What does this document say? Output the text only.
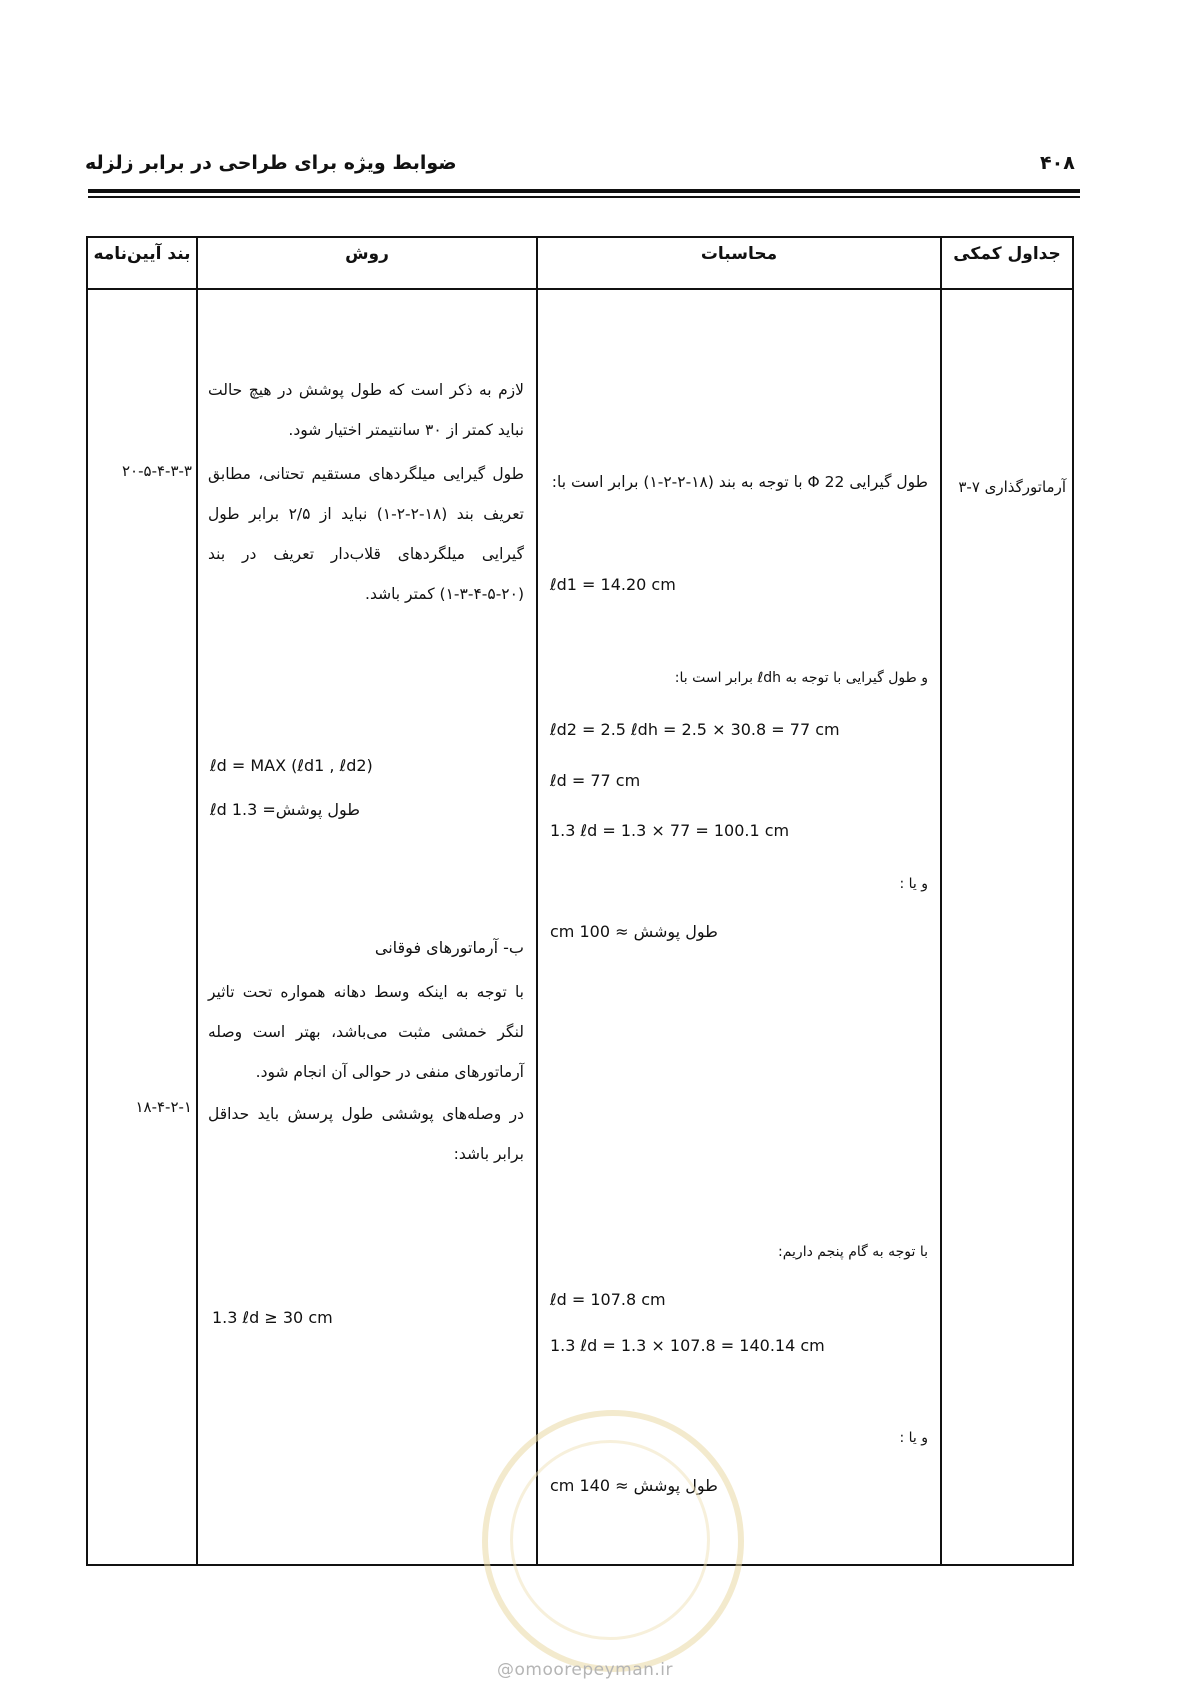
ضوابط ویژه برای طراحی در برابر زلزله	۴۰۸
جداول کمکی
محاسبات
روش
بند آیین‌نامه
آرماتورگذاری ۷-۳
۲۰-۵-۴-۳-۳
۱۸-۴-۲-۱
لازم به ذکر است که طول پوشش در هیچ حالت نباید کمتر از ۳۰ سانتیمتر اختیار شود.
طول گیرایی میلگردهای مستقیم تحتانی، مطابق تعریف بند (۱۸-۲-۲-۱) نباید از ۲/۵ برابر طول گیرایی میلگردهای قلاب‌دار تعریف در بند (۲۰-۵-۴-۳-۱) کمتر باشد.
ℓd = MAX (ℓd1 , ℓd2)
طول پوشش= 1.3 ℓd
ب- آرماتورهای فوقانی
با توجه به اینکه وسط دهانه همواره تحت تاثیر لنگر خمشی مثبت می‌باشد، بهتر است وصله آرماتورهای منفی در حوالی آن انجام شود.
در وصله‌های پوششی طول پرسش باید حداقل برابر باشد:
1.3 ℓd ≥ 30 cm
طول گیرایی Φ 22 با توجه به بند (۱۸-۲-۲-۱) برابر است با:
ℓd1 = 14.20 cm
و طول گیرایی با توجه به ℓdh برابر است با:
ℓd2 = 2.5 ℓdh = 2.5 × 30.8 = 77 cm
ℓd = 77 cm
1.3 ℓd = 1.3 × 77 = 100.1 cm
و یا :
طول پوشش ≈ 100 cm
با توجه به گام پنجم داریم:
ℓd = 107.8 cm
1.3 ℓd = 1.3 × 107.8 = 140.14 cm
و یا :
طول پوشش ≈ 140 cm
@omoorepeyman.ir
